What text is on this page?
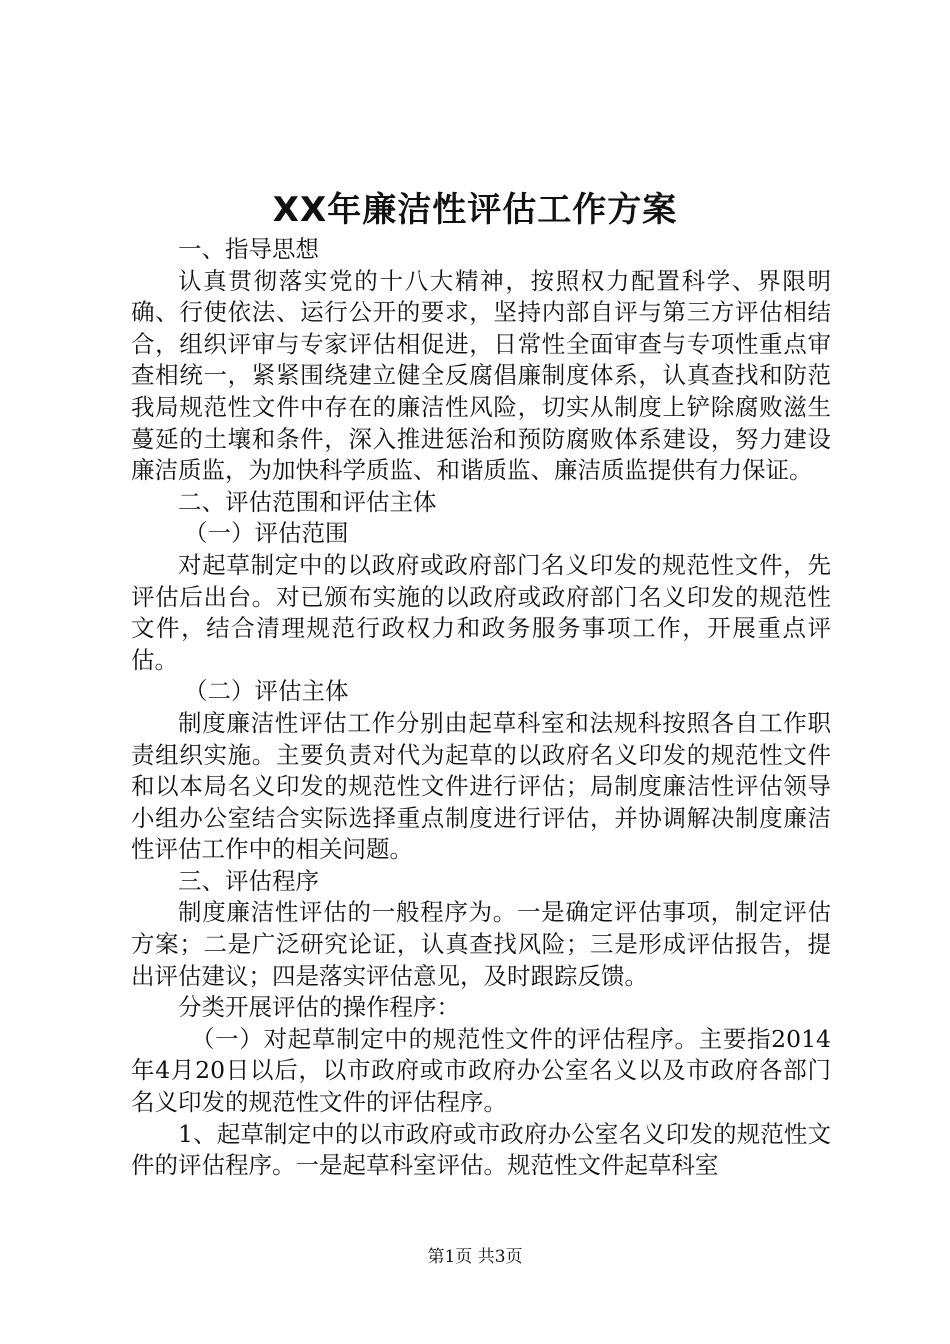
XX年廉洁性评估工作方案

一、指导思想

认真贯彻落实党的十八大精神，按照权力配置科学、界限明确、行使依法、运行公开的要求，坚持内部自评与第三方评估相结合，组织评审与专家评估相促进，日常性全面审查与专项性重点审查相统一，紧紧围绕建立健全反腐倡廉制度体系，认真查找和防范我局规范性文件中存在的廉洁性风险，切实从制度上铲除腐败滋生蔓延的土壤和条件，深入推进惩治和预防腐败体系建设，努力建设廉洁质监，为加快科学质监、和谐质监、廉洁质监提供有力保证。

二、评估范围和评估主体

（一）评估范围

对起草制定中的以政府或政府部门名义印发的规范性文件，先评估后出台。对已颁布实施的以政府或政府部门名义印发的规范性文件，结合清理规范行政权力和政务服务事项工作，开展重点评估。

（二）评估主体

制度廉洁性评估工作分别由起草科室和法规科按照各自工作职责组织实施。主要负责对代为起草的以政府名义印发的规范性文件和以本局名义印发的规范性文件进行评估；局制度廉洁性评估领导小组办公室结合实际选择重点制度进行评估，并协调解决制度廉洁性评估工作中的相关问题。

三、评估程序

制度廉洁性评估的一般程序为。一是确定评估事项，制定评估方案；二是广泛研究论证，认真查找风险；三是形成评估报告，提出评估建议；四是落实评估意见，及时跟踪反馈。

分类开展评估的操作程序：

（一）对起草制定中的规范性文件的评估程序。主要指2014年4月20日以后，以市政府或市政府办公室名义以及市政府各部门名义印发的规范性文件的评估程序。

1、起草制定中的以市政府或市政府办公室名义印发的规范性文件的评估程序。一是起草科室评估。规范性文件起草科室

第1页 共3页
